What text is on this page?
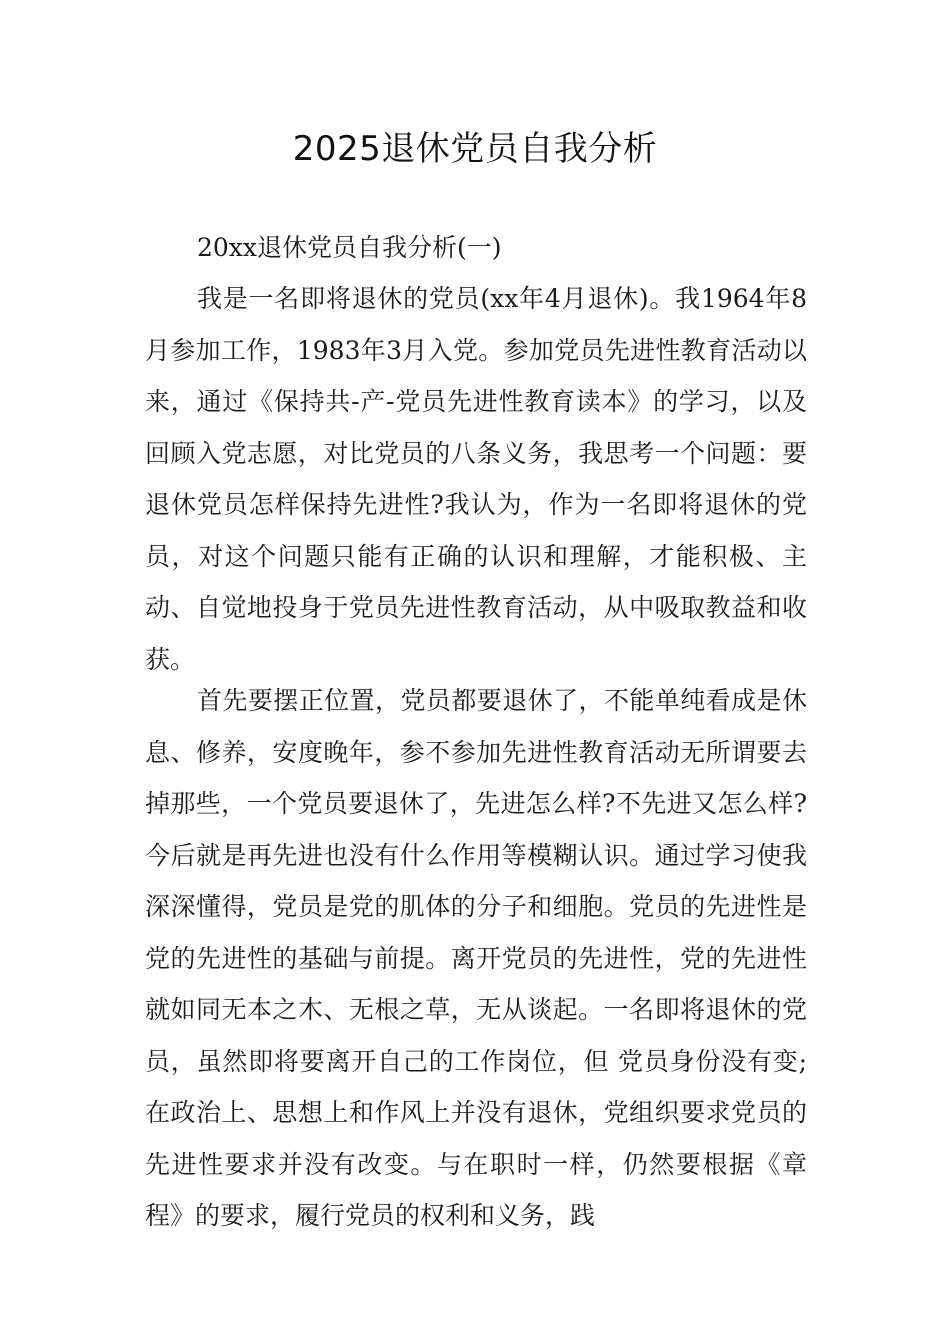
2025退休党员自我分析

20xx退休党员自我分析(一)

我是一名即将退休的党员(xx年4月退休)。我1964年8月参加工作，1983年3月入党。参加党员先进性教育活动以来，通过《保持共-产-党员先进性教育读本》的学习，以及回顾入党志愿，对比党员的八条义务，我思考一个问题：要退休党员怎样保持先进性?我认为，作为一名即将退休的党员，对这个问题只能有正确的认识和理解，才能积极、主动、自觉地投身于党员先进性教育活动，从中吸取教益和收获。

首先要摆正位置，党员都要退休了，不能单纯看成是休息、修养，安度晚年，参不参加先进性教育活动无所谓要去掉那些，一个党员要退休了，先进怎么样?不先进又怎么样?今后就是再先进也没有什么作用等模糊认识。通过学习使我深深懂得，党员是党的肌体的分子和细胞。党员的先进性是党的先进性的基础与前提。离开党员的先进性，党的先进性就如同无本之木、无根之草，无从谈起。一名即将退休的党员，虽然即将要离开自己的工作岗位，但 党员身份没有变;在政治上、思想上和作风上并没有退休，党组织要求党员的先进性要求并没有改变。与在职时一样，仍然要根据《章程》的要求，履行党员的权利和义务，践
